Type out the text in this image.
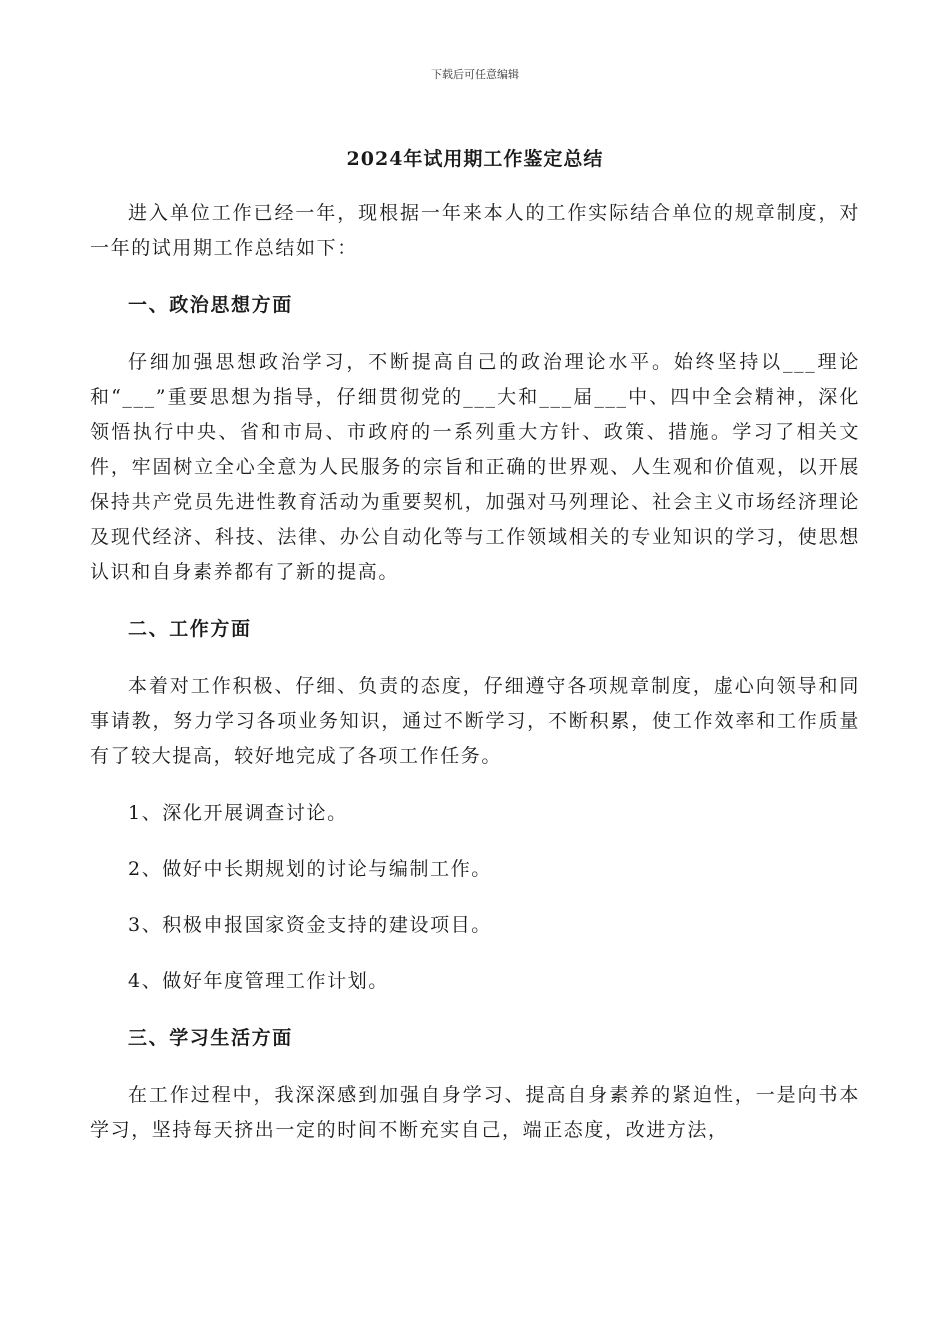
下载后可任意编辑
2024年试用期工作鉴定总结

进入单位工作已经一年，现根据一年来本人的工作实际结合单位的规章制度，对一年的试用期工作总结如下：

一、政治思想方面

仔细加强思想政治学习，不断提高自己的政治理论水平。始终坚持以___理论和“___”重要思想为指导，仔细贯彻党的___大和___届___中、四中全会精神，深化领悟执行中央、省和市局、市政府的一系列重大方针、政策、措施。学习了相关文件，牢固树立全心全意为人民服务的宗旨和正确的世界观、人生观和价值观，以开展保持共产党员先进性教育活动为重要契机，加强对马列理论、社会主义市场经济理论及现代经济、科技、法律、办公自动化等与工作领域相关的专业知识的学习，使思想认识和自身素养都有了新的提高。

二、工作方面

本着对工作积极、仔细、负责的态度，仔细遵守各项规章制度，虚心向领导和同事请教，努力学习各项业务知识，通过不断学习，不断积累，使工作效率和工作质量有了较大提高，较好地完成了各项工作任务。

1、深化开展调查讨论。

2、做好中长期规划的讨论与编制工作。

3、积极申报国家资金支持的建设项目。

4、做好年度管理工作计划。

三、学习生活方面

在工作过程中，我深深感到加强自身学习、提高自身素养的紧迫性，一是向书本学习，坚持每天挤出一定的时间不断充实自己，端正态度，改进方法，
